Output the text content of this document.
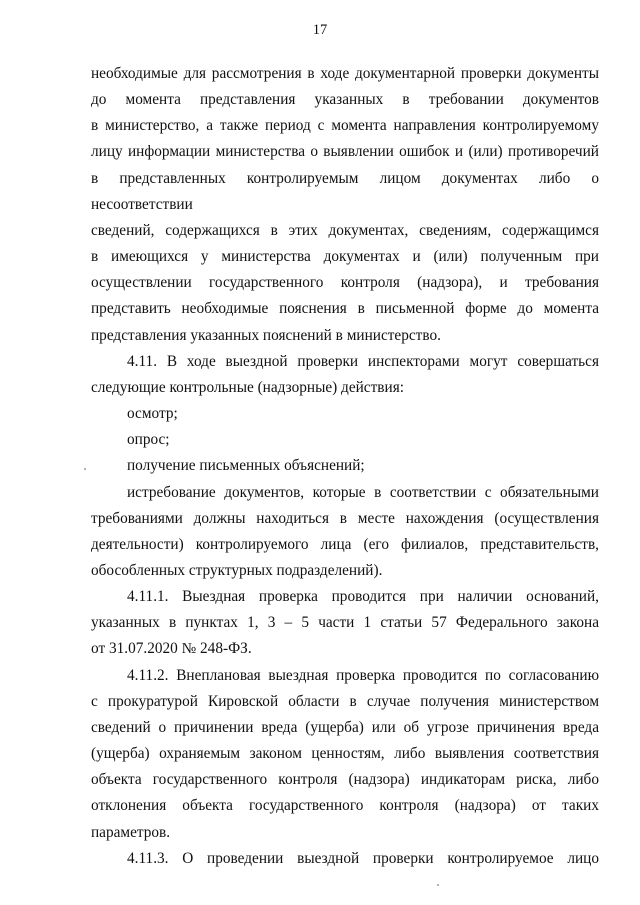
17

необходимые для рассмотрения в ходе документарной проверки документы

до момента представления указанных в требовании документов

в министерство, а также период с момента направления контролируемому

лицу информации министерства о выявлении ошибок и (или) противоречий

в представленных контролируемым лицом документах либо о несоответствии

сведений, содержащихся в этих документах, сведениям, содержащимся

в имеющихся у министерства документах и (или) полученным при

осуществлении государственного контроля (надзора), и требования

представить необходимые пояснения в письменной форме до момента

представления указанных пояснений в министерство.

4.11. В ходе выездной проверки инспекторами могут совершаться

следующие контрольные (надзорные) действия:

осмотр;

опрос;

получение письменных объяснений;

истребование документов, которые в соответствии с обязательными

требованиями должны находиться в месте нахождения (осуществления

деятельности) контролируемого лица (его филиалов, представительств,

обособленных структурных подразделений).

4.11.1. Выездная проверка проводится при наличии оснований,

указанных в пунктах 1, 3 – 5 части 1 статьи 57 Федерального закона

от 31.07.2020 № 248-ФЗ.

4.11.2. Внеплановая выездная проверка проводится по согласованию

с прокуратурой Кировской области в случае получения министерством

сведений о причинении вреда (ущерба) или об угрозе причинения вреда

(ущерба) охраняемым законом ценностям, либо выявления соответствия

объекта государственного контроля (надзора) индикаторам риска, либо

отклонения объекта государственного контроля (надзора) от таких

параметров.

4.11.3. О проведении выездной проверки контролируемое лицо
